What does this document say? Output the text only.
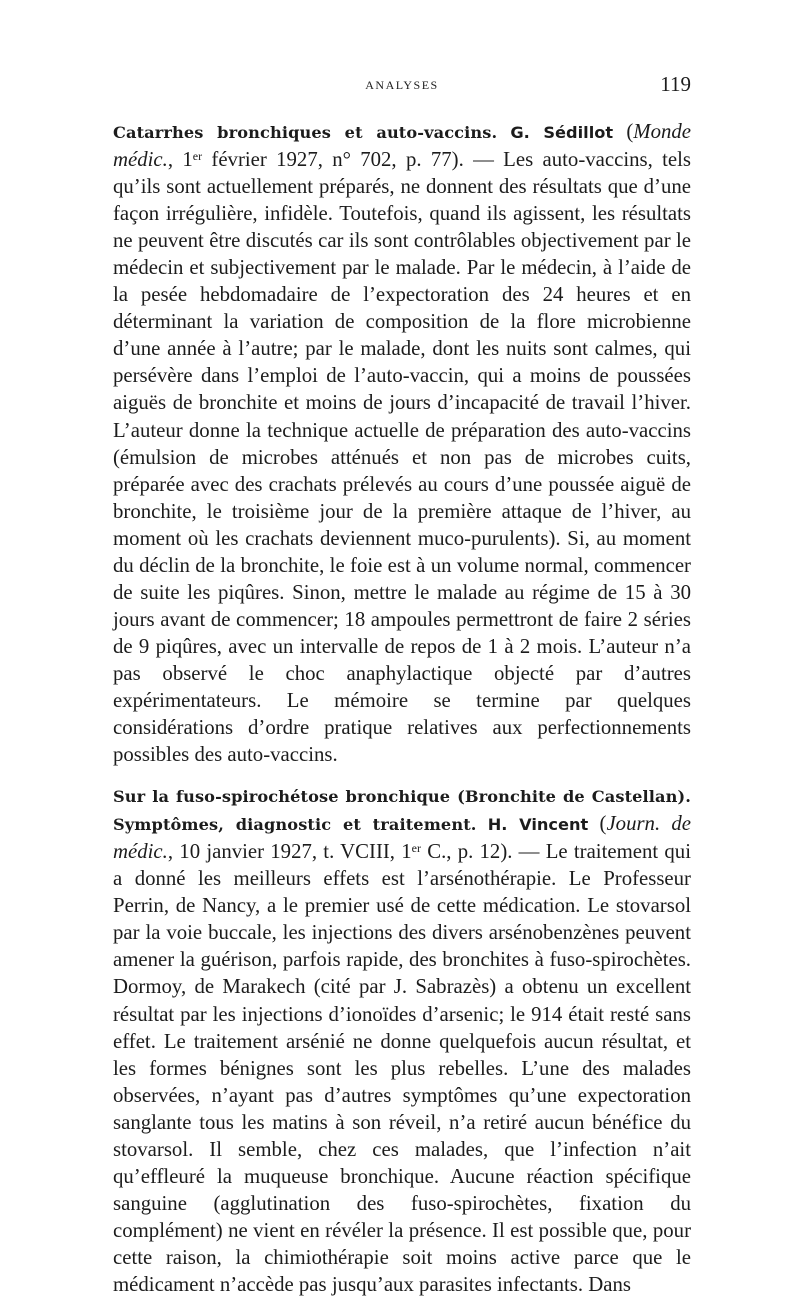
ANALYSES	119

Catarrhes bronchiques et auto-vaccins. G. Sédillot (Monde médic., 1er février 1927, n° 702, p. 77). — Les auto-vaccins, tels qu’ils sont actuellement préparés, ne donnent des résultats que d’une façon irrégulière, infidèle. Toutefois, quand ils agissent, les résultats ne peuvent être discutés car ils sont contrôlables objectivement par le médecin et subjectivement par le malade. Par le médecin, à l’aide de la pesée hebdomadaire de l’expectoration des 24 heures et en déterminant la variation de composition de la flore microbienne d’une année à l’autre; par le malade, dont les nuits sont calmes, qui persévère dans l’emploi de l’auto-vaccin, qui a moins de poussées aiguës de bronchite et moins de jours d’incapacité de travail l’hiver. L’auteur donne la technique actuelle de préparation des auto-vaccins (émulsion de microbes atténués et non pas de microbes cuits, préparée avec des crachats prélevés au cours d’une poussée aiguë de bronchite, le troisième jour de la première attaque de l’hiver, au moment où les crachats deviennent muco-purulents). Si, au moment du déclin de la bronchite, le foie est à un volume normal, commencer de suite les piqûres. Sinon, mettre le malade au régime de 15 à 30 jours avant de commencer; 18 ampoules permettront de faire 2 séries de 9 piqûres, avec un intervalle de repos de 1 à 2 mois. L’auteur n’a pas observé le choc anaphylactique objecté par d’autres expérimentateurs. Le mémoire se termine par quelques considérations d’ordre pratique relatives aux perfectionnements possibles des auto-vaccins.

Sur la fuso-spirochétose bronchique (Bronchite de Castellan). Symptômes, diagnostic et traitement. H. Vincent (Journ. de médic., 10 janvier 1927, t. VCIII, 1er C., p. 12). — Le traitement qui a donné les meilleurs effets est l’arsénothérapie. Le Professeur Perrin, de Nancy, a le premier usé de cette médication. Le stovarsol par la voie buccale, les injections des divers arsénobenzènes peuvent amener la guérison, parfois rapide, des bronchites à fuso-spirochètes. Dormoy, de Marakech (cité par J. Sabrazès) a obtenu un excellent résultat par les injections d’ionoïdes d’arsenic; le 914 était resté sans effet. Le traitement arsénié ne donne quelquefois aucun résultat, et les formes bénignes sont les plus rebelles. L’une des malades observées, n’ayant pas d’autres symptômes qu’une expectoration sanglante tous les matins à son réveil, n’a retiré aucun bénéfice du stovarsol. Il semble, chez ces malades, que l’infection n’ait qu’effleuré la muqueuse bronchique. Aucune réaction spécifique sanguine (agglutination des fuso-spirochètes, fixation du complément) ne vient en révéler la présence. Il est possible que, pour cette raison, la chimiothérapie soit moins active parce que le médicament n’accède pas jusqu’aux parasites infectants. Dans
